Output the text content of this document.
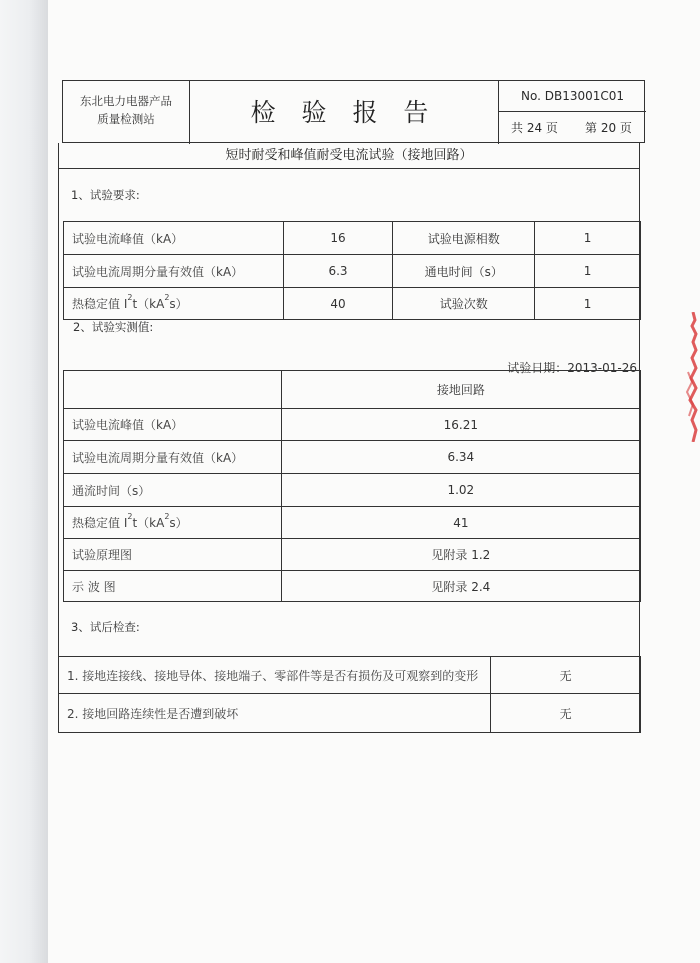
东北电力电器产品
质量检测站	检 验 报 告
No. DB13001C01
共 24 页 第 20 页
短时耐受和峰值耐受电流试验（接地回路）
1、试验要求:
试验电流峰值（kA）	16	试验电源相数	1
试验电流周期分量有效值（kA）	6.3	通电时间（s）	1
热稳定值 $I^2t(kA^2s)$	40	试验次数	1
2、试验实测值:
试验日期：2013-01-26
	接地回路
试验电流峰值（kA）	16.21
试验电流周期分量有效值（kA）	6.34
通流时间（s）	1.02
热稳定值 $I^2t(kA^2s)$	41
试验原理图	见附录 1.2
示 波 图	见附录 2.4
3、试后检查:
1. 接地连接线、接地导体、接地端子、零部件等是否有损伤及可观察到的变形	无
2. 接地回路连续性是否遭到破坏	无
